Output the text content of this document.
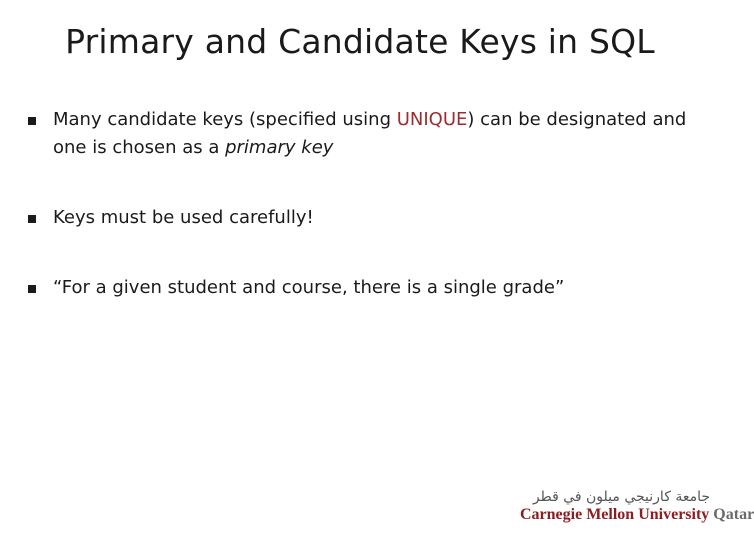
Primary and Candidate Keys in SQL
Many candidate keys (specified using UNIQUE) can be designated and one is chosen as a primary key
Keys must be used carefully!
“For a given student and course, there is a single grade”
جامعة كارنيجي ميلون في قطر
Carnegie Mellon University Qatar
